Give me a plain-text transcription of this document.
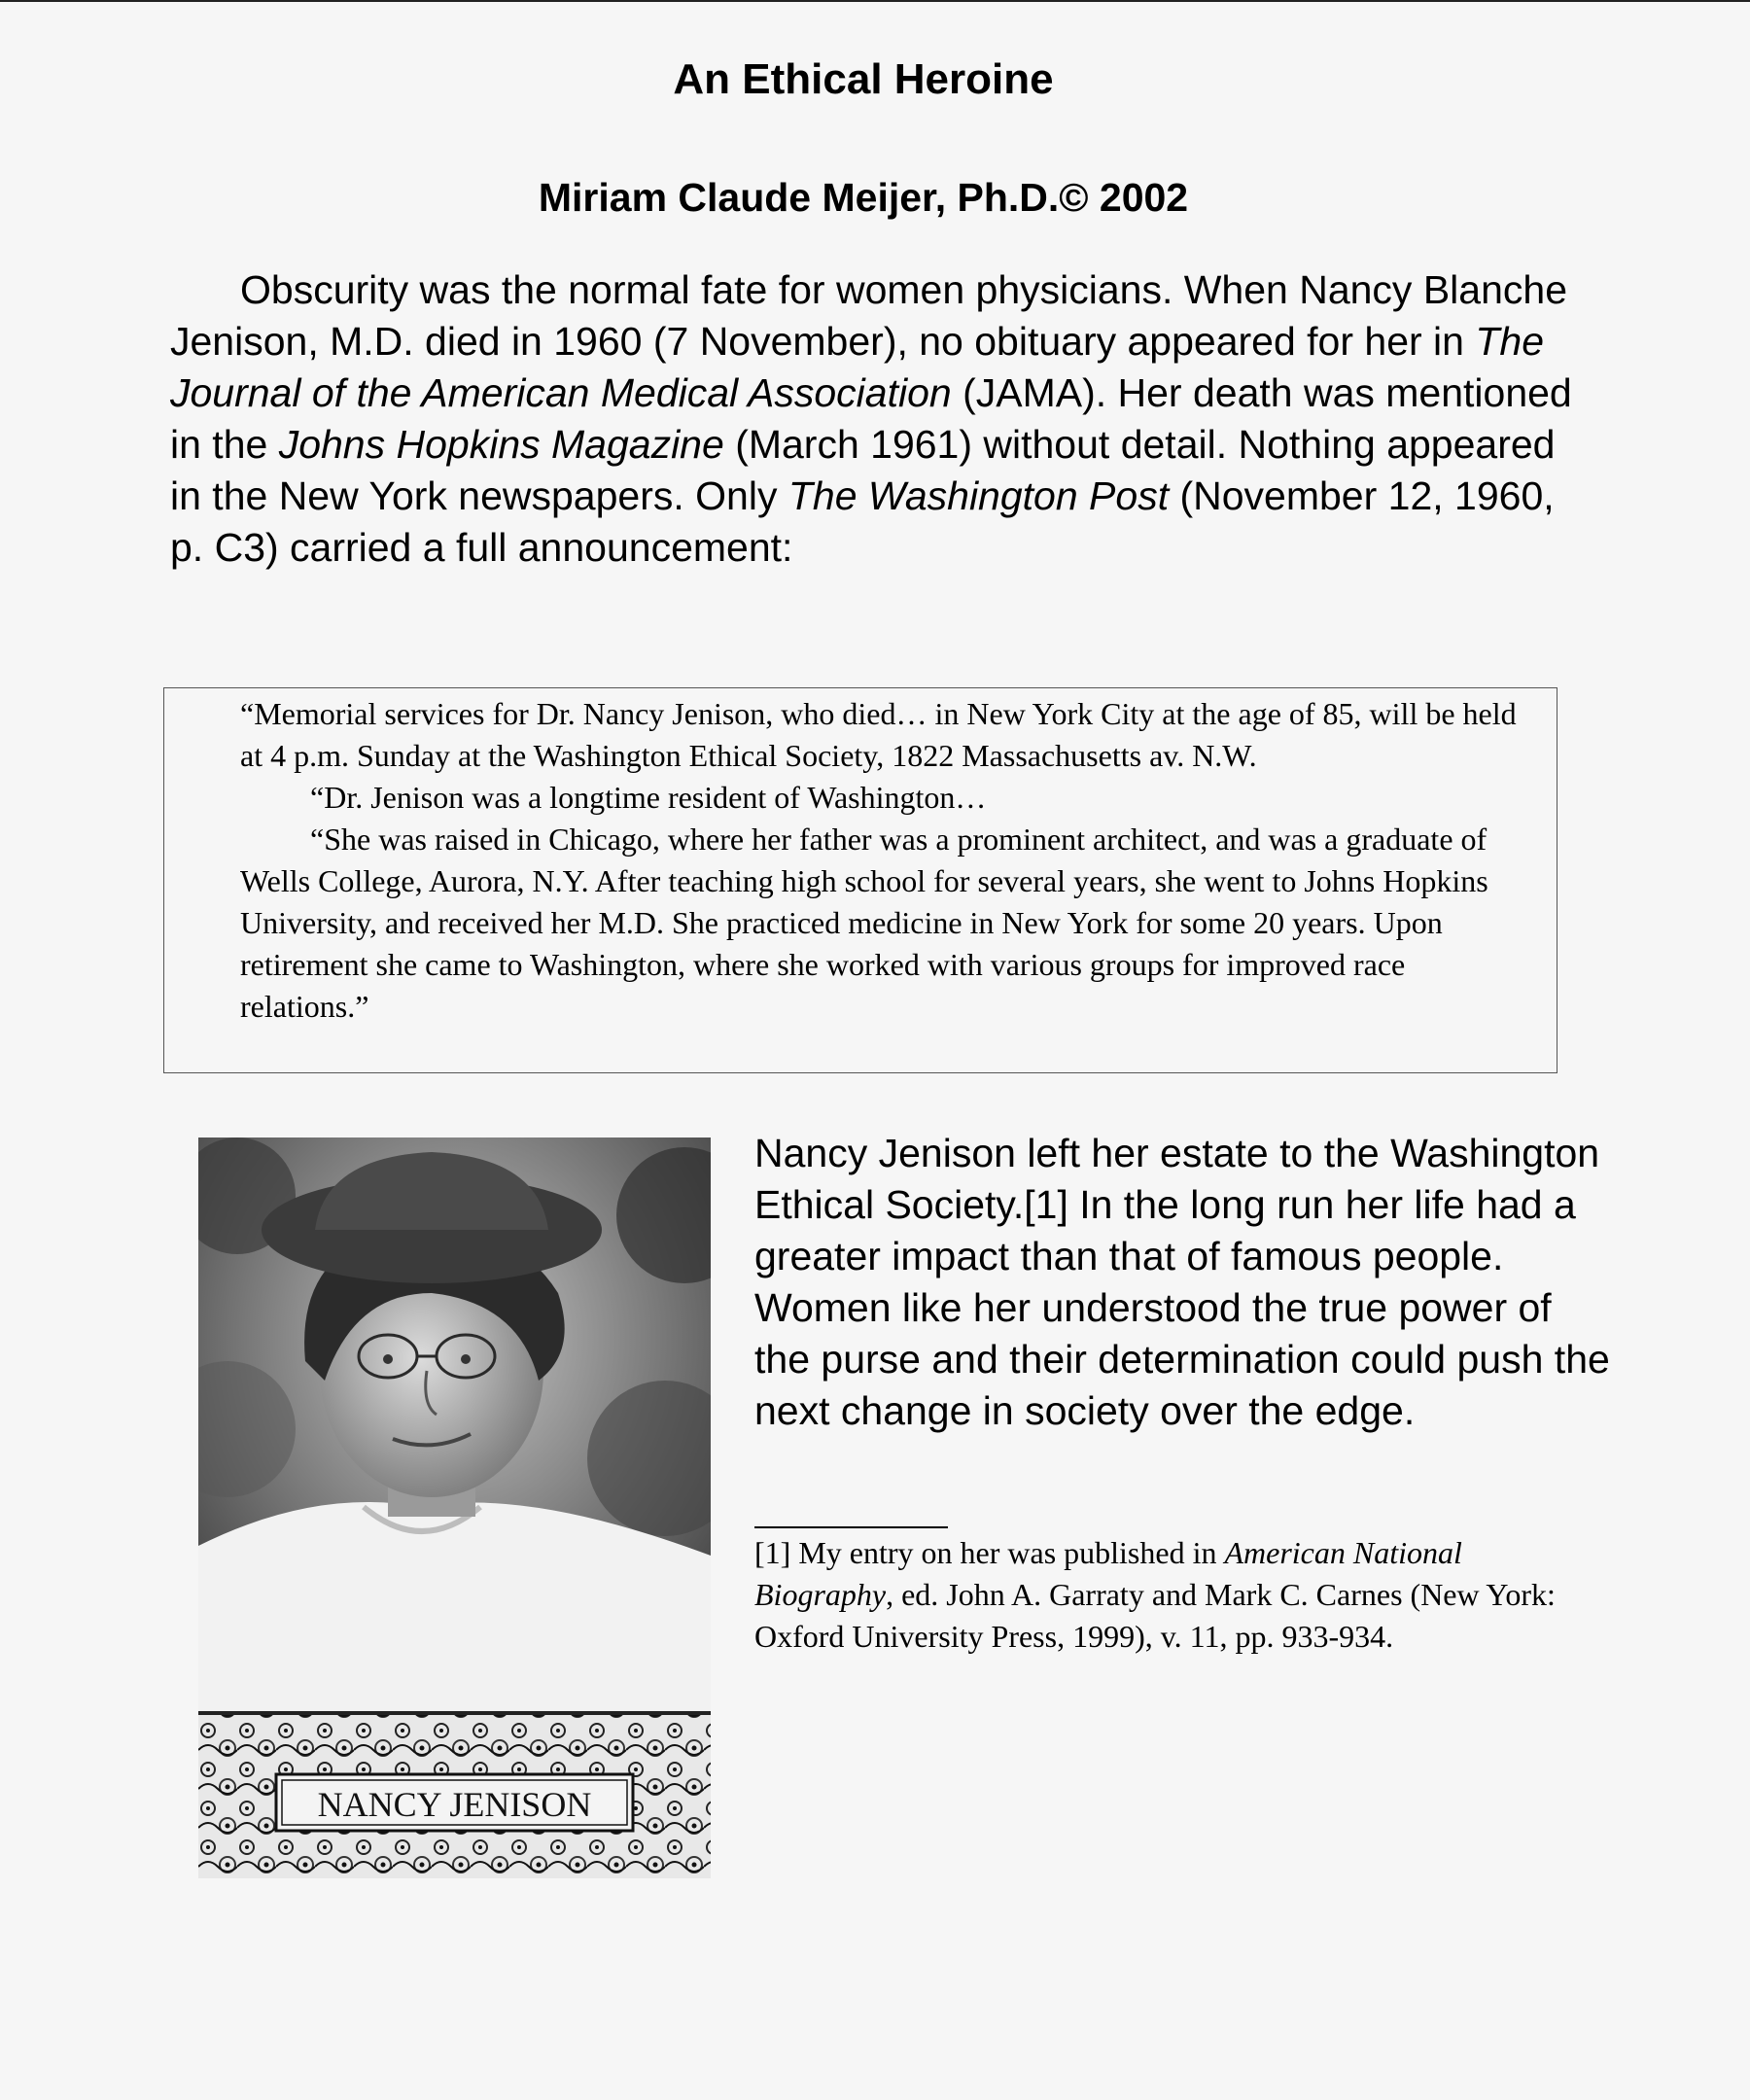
An Ethical Heroine
Miriam Claude Meijer, Ph.D.© 2002

Obscurity was the normal fate for women physicians. When Nancy Blanche Jenison, M.D. died in 1960 (7 November), no obituary appeared for her in The Journal of the American Medical Association (JAMA). Her death was mentioned in the Johns Hopkins Magazine (March 1961) without detail. Nothing appeared in the New York newspapers. Only The Washington Post (November 12, 1960, p. C3) carried a full announcement:

“Memorial services for Dr. Nancy Jenison, who died… in New York City at the age of 85, will be held at 4 p.m. Sunday at the Washington Ethical Society, 1822 Massachusetts av. N.W.

“Dr. Jenison was a longtime resident of Washington…

“She was raised in Chicago, where her father was a prominent architect, and was a graduate of Wells College, Aurora, N.Y. After teaching high school for several years, she went to Johns Hopkins University, and received her M.D. She practiced medicine in New York for some 20 years. Upon retirement she came to Washington, where she worked with various groups for improved race relations.”

NANCY JENISON

Nancy Jenison left her estate to the Washington Ethical Society.[1] In the long run her life had a greater impact than that of famous people. Women like her understood the true power of the purse and their determination could push the next change in society over the edge.

[1] My entry on her was published in American National Biography, ed. John A. Garraty and Mark C. Carnes (New York: Oxford University Press, 1999), v. 11, pp. 933-934.
